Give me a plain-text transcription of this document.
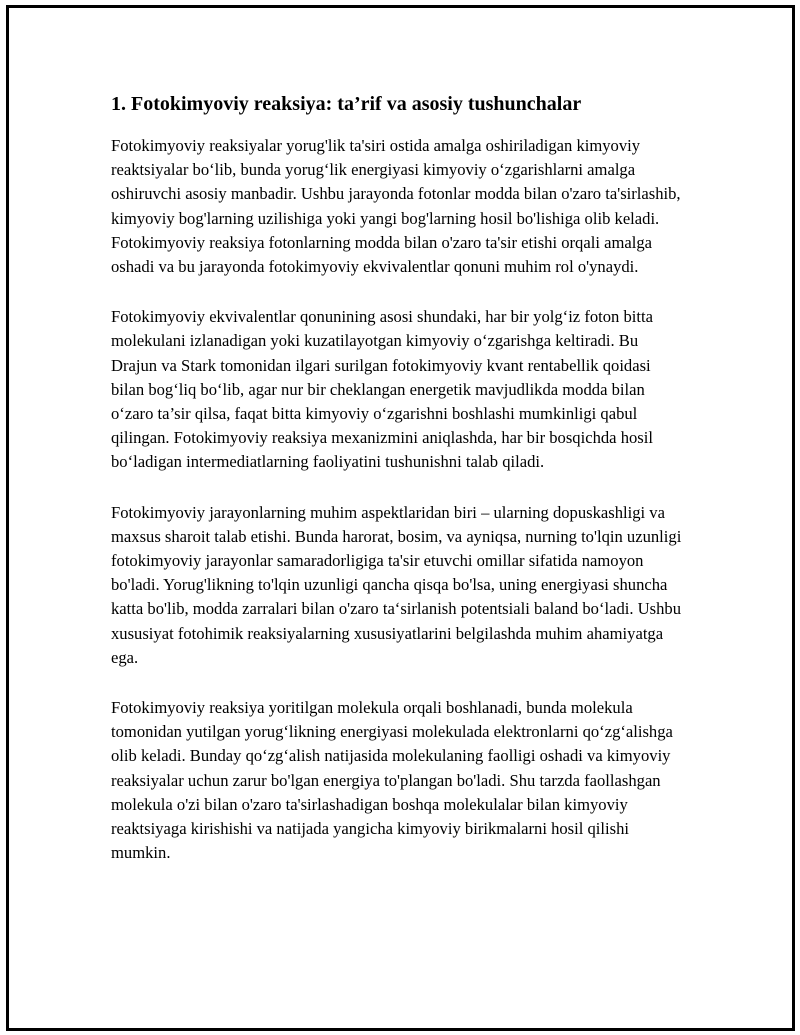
1. Fotokimyoviy reaksiya: ta’rif va asosiy tushunchalar

Fotokimyoviy reaksiyalar yorug'lik ta'siri ostida amalga oshiriladigan kimyoviy reaktsiyalar bo‘lib, bunda yorug‘lik energiyasi kimyoviy o‘zgarishlarni amalga oshiruvchi asosiy manbadir. Ushbu jarayonda fotonlar modda bilan o'zaro ta'sirlashib, kimyoviy bog'larning uzilishiga yoki yangi bog'larning hosil bo'lishiga olib keladi. Fotokimyoviy reaksiya fotonlarning modda bilan o'zaro ta'sir etishi orqali amalga oshadi va bu jarayonda fotokimyoviy ekvivalentlar qonuni muhim rol o'ynaydi.

Fotokimyoviy ekvivalentlar qonunining asosi shundaki, har bir yolg‘iz foton bitta molekulani izlanadigan yoki kuzatilayotgan kimyoviy o‘zgarishga keltiradi. Bu Drajun va Stark tomonidan ilgari surilgan fotokimyoviy kvant rentabellik qoidasi bilan bog‘liq bo‘lib, agar nur bir cheklangan energetik mavjudlikda modda bilan o‘zaro ta’sir qilsa, faqat bitta kimyoviy o‘zgarishni boshlashi mumkinligi qabul qilingan. Fotokimyoviy reaksiya mexanizmini aniqlashda, har bir bosqichda hosil bo‘ladigan intermediatlarning faoliyatini tushunishni talab qiladi.

Fotokimyoviy jarayonlarning muhim aspektlaridan biri – ularning dopuskashligi va maxsus sharoit talab etishi. Bunda harorat, bosim, va ayniqsa, nurning to'lqin uzunligi fotokimyoviy jarayonlar samaradorligiga ta'sir etuvchi omillar sifatida namoyon bo'ladi. Yorug'likning to'lqin uzunligi qancha qisqa bo'lsa, uning energiyasi shuncha katta bo'lib, modda zarralari bilan o'zaro ta‘sirlanish potentsiali baland bo‘ladi. Ushbu xususiyat fotohimik reaksiyalarning xususiyatlarini belgilashda muhim ahamiyatga ega.

Fotokimyoviy reaksiya yoritilgan molekula orqali boshlanadi, bunda molekula tomonidan yutilgan yorug‘likning energiyasi molekulada elektronlarni qo‘zg‘alishga olib keladi. Bunday qo‘zg‘alish natijasida molekulaning faolligi oshadi va kimyoviy reaksiyalar uchun zarur bo'lgan energiya to'plangan bo'ladi. Shu tarzda faollashgan molekula o'zi bilan o'zaro ta'sirlashadigan boshqa molekulalar bilan kimyoviy reaktsiyaga kirishishi va natijada yangicha kimyoviy birikmalarni hosil qilishi mumkin.
